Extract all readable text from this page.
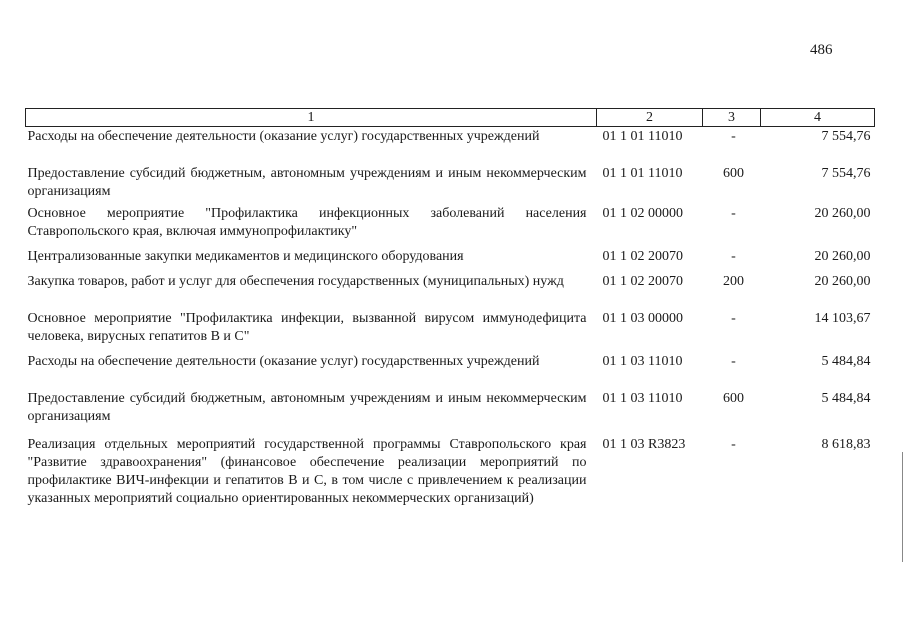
486
1	2	3	4
Расходы на обеспечение деятельности (оказание услуг) государственных учреждений	01 1 01 11010	-	7 554,76
Предоставление субсидий бюджетным, автономным учреждениям и иным некоммерческим организациям	01 1 01 11010	600	7 554,76
Основное мероприятие "Профилактика инфекционных заболеваний населения Ставропольского края, включая иммунопрофилактику"	01 1 02 00000	-	20 260,00
Централизованные закупки медикаментов и медицинского оборудования	01 1 02 20070	-	20 260,00
Закупка товаров, работ и услуг для обеспечения государственных (муниципальных) нужд	01 1 02 20070	200	20 260,00
Основное мероприятие "Профилактика инфекции, вызванной вирусом иммунодефицита человека, вирусных гепатитов В и С"	01 1 03 00000	-	14 103,67
Расходы на обеспечение деятельности (оказание услуг) государственных учреждений	01 1 03 11010	-	5 484,84
Предоставление субсидий бюджетным, автономным учреждениям и иным некоммерческим организациям	01 1 03 11010	600	5 484,84
Реализация отдельных мероприятий государственной программы Ставропольского края "Развитие здравоохранения" (финансовое обеспечение реализации мероприятий по профилактике ВИЧ-инфекции и гепатитов В и С, в том числе с привлечением к реализации указанных мероприятий социально ориентированных некоммерческих организаций)	01 1 03 R3823	-	8 618,83
